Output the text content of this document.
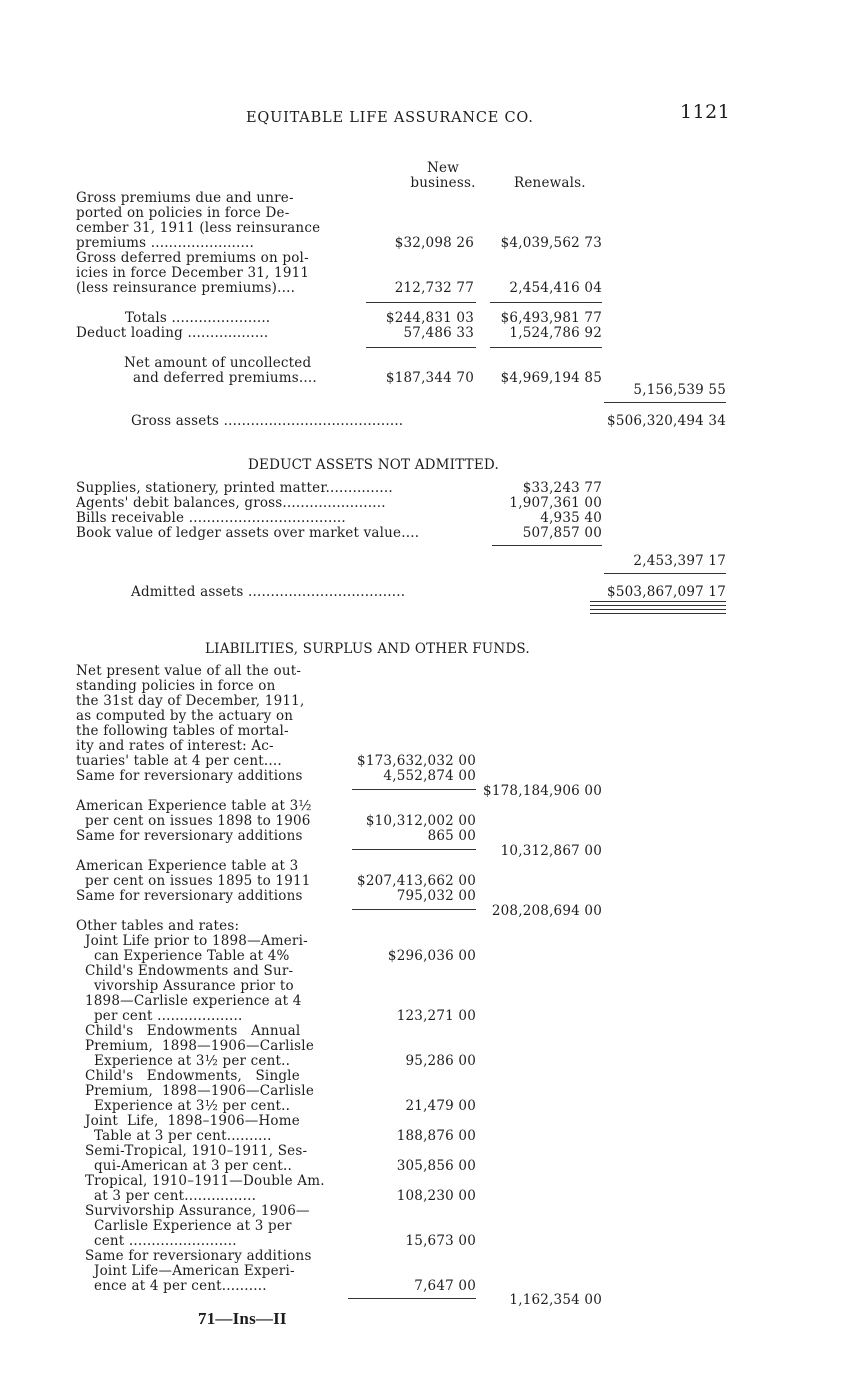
EQUITABLE LIFE ASSURANCE CO.	1121
New
business.	Renewals.
Gross premiums due and unre-
ported on policies in force De-
cember 31, 1911 (less reinsurance
premiums .......................	$32,098 26	$4,039,562 73
Gross deferred premiums on pol-
icies in force December 31, 1911
(less reinsurance premiums)....	212,732 77	2,454,416 04
Totals ......................	$244,831 03	$6,493,981 77
Deduct loading ..................	57,486 33	1,524,786 92
Net amount of uncollected
and deferred premiums....	$187,344 70	$4,969,194 85
5,156,539 55
Gross assets ........................................	$506,320,494 34
DEDUCT ASSETS NOT ADMITTED.
Supplies, stationery, printed matter...............	$33,243 77
Agents' debit balances, gross.......................	1,907,361 00
Bills receivable ...................................	4,935 40
Book value of ledger assets over market value....	507,857 00
2,453,397 17
Admitted assets ...................................	$503,867,097 17
LIABILITIES, SURPLUS AND OTHER FUNDS.
Net present value of all the out-
standing policies in force on
the 31st day of December, 1911,
as computed by the actuary on
the following tables of mortal-
ity and rates of interest: Ac-
tuaries' table at 4 per cent....	$173,632,032 00
Same for reversionary additions	4,552,874 00
$178,184,906 00
American Experience table at 3½
per cent on issues 1898 to 1906	$10,312,002 00
Same for reversionary additions	865 00
10,312,867 00
American Experience table at 3
per cent on issues 1895 to 1911	$207,413,662 00
Same for reversionary additions	795,032 00
208,208,694 00
Other tables and rates:
Joint Life prior to 1898—Ameri-
can Experience Table at 4%	$296,036 00
Child's Endowments and Sur-
vivorship Assurance prior to
1898—Carlisle experience at 4
per cent ...................	123,271 00
Child's   Endowments   Annual
Premium,  1898—1906—Carlisle
Experience at 3½ per cent..	95,286 00
Child's   Endowments,   Single
Premium,  1898—1906—Carlisle
Experience at 3½ per cent..	21,479 00
Joint  Life,  1898–1906—Home
Table at 3 per cent..........	188,876 00
Semi-Tropical, 1910–1911, Ses-
qui-American at 3 per cent..	305,856 00
Tropical, 1910–1911—Double Am.
at 3 per cent................	108,230 00
Survivorship Assurance, 1906—
Carlisle Experience at 3 per
cent ........................	15,673 00
Same for reversionary additions
Joint Life—American Experi-
ence at 4 per cent..........	7,647 00
1,162,354 00
71—Ins—II
